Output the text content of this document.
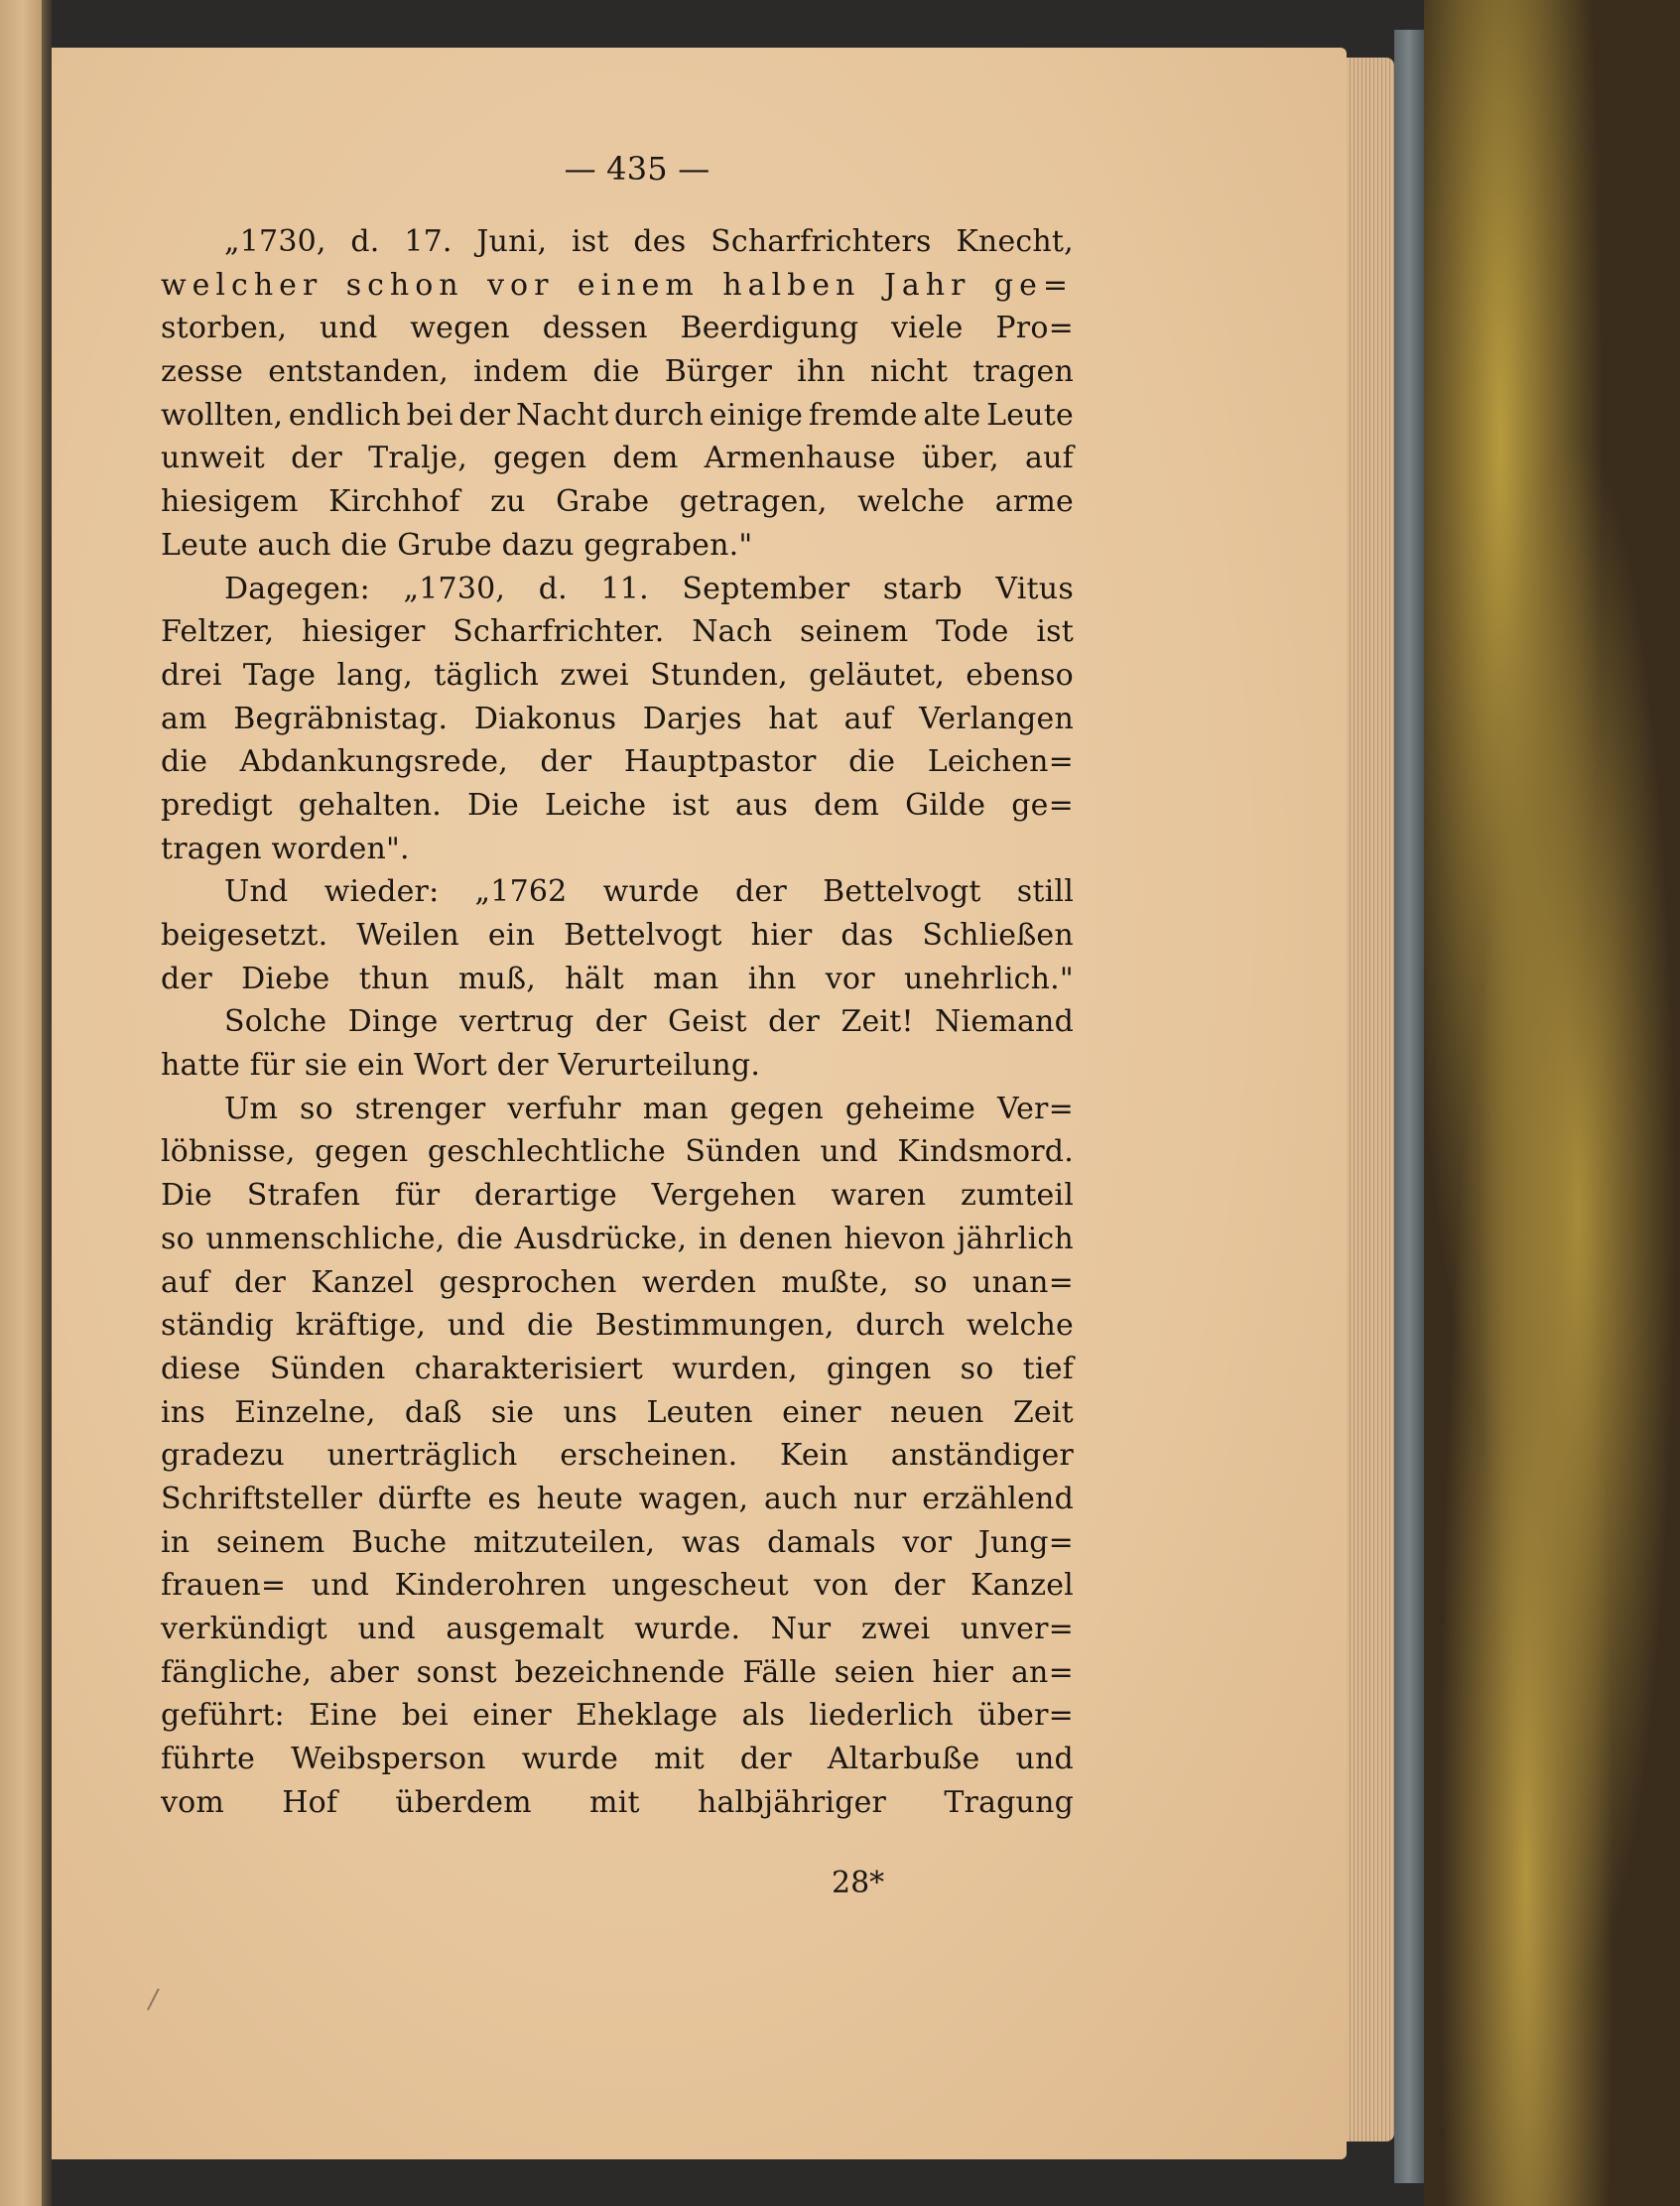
— 435 —
„1730, d. 17. Juni, ist des Scharfrichters Knecht,
welcher schon vor einem halben Jahr ge=
storben, und wegen dessen Beerdigung viele Pro=
zesse entstanden, indem die Bürger ihn nicht tragen
wollten, endlich bei der Nacht durch einige fremde alte Leute
unweit der Tralje, gegen dem Armenhause über, auf
hiesigem Kirchhof zu Grabe getragen, welche arme
Leute auch die Grube dazu gegraben."
Dagegen: „1730, d. 11. September starb Vitus
Feltzer, hiesiger Scharfrichter. Nach seinem Tode ist
drei Tage lang, täglich zwei Stunden, geläutet, ebenso
am Begräbnistag. Diakonus Darjes hat auf Verlangen
die Abdankungsrede, der Hauptpastor die Leichen=
predigt gehalten. Die Leiche ist aus dem Gilde ge=
tragen worden".
Und wieder: „1762 wurde der Bettelvogt still
beigesetzt. Weilen ein Bettelvogt hier das Schließen
der Diebe thun muß, hält man ihn vor unehrlich."
Solche Dinge vertrug der Geist der Zeit! Niemand
hatte für sie ein Wort der Verurteilung.
Um so strenger verfuhr man gegen geheime Ver=
löbnisse, gegen geschlechtliche Sünden und Kindsmord.
Die Strafen für derartige Vergehen waren zumteil
so unmenschliche, die Ausdrücke, in denen hievon jährlich
auf der Kanzel gesprochen werden mußte, so unan=
ständig kräftige, und die Bestimmungen, durch welche
diese Sünden charakterisiert wurden, gingen so tief
ins Einzelne, daß sie uns Leuten einer neuen Zeit
gradezu unerträglich erscheinen. Kein anständiger
Schriftsteller dürfte es heute wagen, auch nur erzählend
in seinem Buche mitzuteilen, was damals vor Jung=
frauen= und Kinderohren ungescheut von der Kanzel
verkündigt und ausgemalt wurde. Nur zwei unver=
fängliche, aber sonst bezeichnende Fälle seien hier an=
geführt: Eine bei einer Eheklage als liederlich über=
führte Weibsperson wurde mit der Altarbuße und
vom Hof überdem mit halbjähriger Tragung
28*
/
